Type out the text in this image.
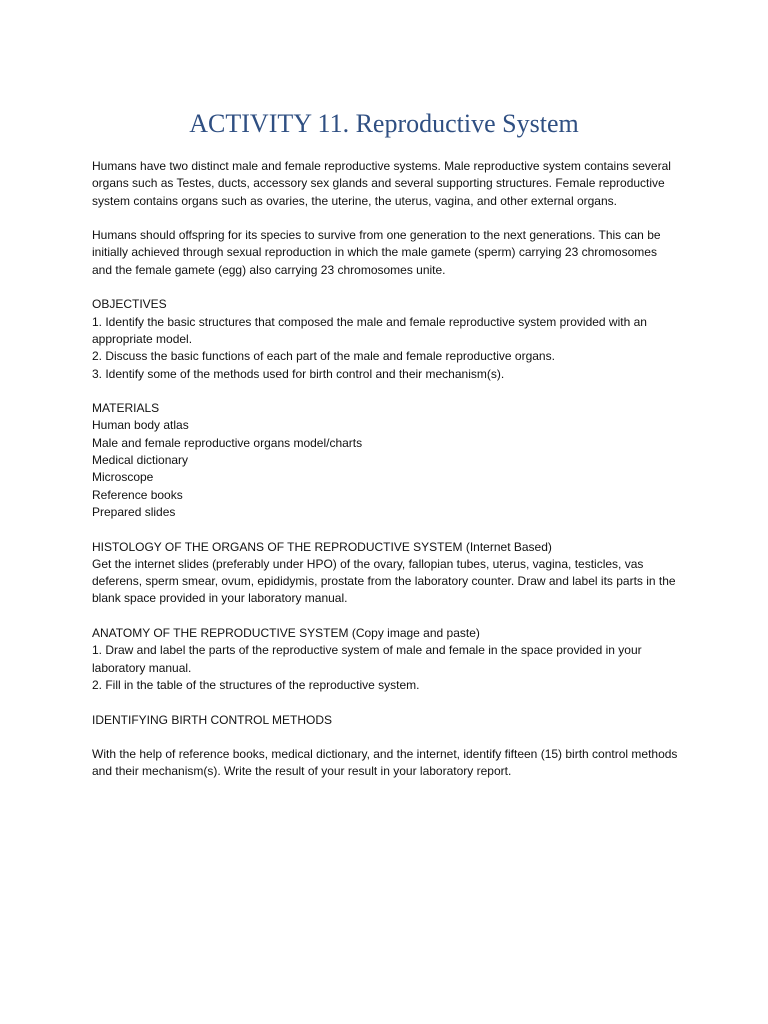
ACTIVITY 11. Reproductive System

Humans have two distinct male and female reproductive systems. Male reproductive system contains several organs such as Testes, ducts, accessory sex glands and several supporting structures. Female reproductive system contains organs such as ovaries, the uterine, the uterus, vagina, and other external organs.

Humans should offspring for its species to survive from one generation to the next generations. This can be initially achieved through sexual reproduction in which the male gamete (sperm) carrying 23 chromosomes and the female gamete (egg) also carrying 23 chromosomes unite.

OBJECTIVES
1. Identify the basic structures that composed the male and female reproductive system provided with an appropriate model.
2. Discuss the basic functions of each part of the male and female reproductive organs.
3. Identify some of the methods used for birth control and their mechanism(s).
MATERIALS
Human body atlas
Male and female reproductive organs model/charts
Medical dictionary
Microscope
Reference books
Prepared slides
HISTOLOGY OF THE ORGANS OF THE REPRODUCTIVE SYSTEM (Internet Based)
Get the internet slides (preferably under HPO) of the ovary, fallopian tubes, uterus, vagina, testicles, vas deferens, sperm smear, ovum, epididymis, prostate from the laboratory counter. Draw and label its parts in the blank space provided in your laboratory manual.
ANATOMY OF THE REPRODUCTIVE SYSTEM (Copy image and paste)
1. Draw and label the parts of the reproductive system of male and female in the space provided in your laboratory manual.
2. Fill in the table of the structures of the reproductive system.
IDENTIFYING BIRTH CONTROL METHODS
With the help of reference books, medical dictionary, and the internet, identify fifteen (15) birth control methods and their mechanism(s). Write the result of your result in your laboratory report.
